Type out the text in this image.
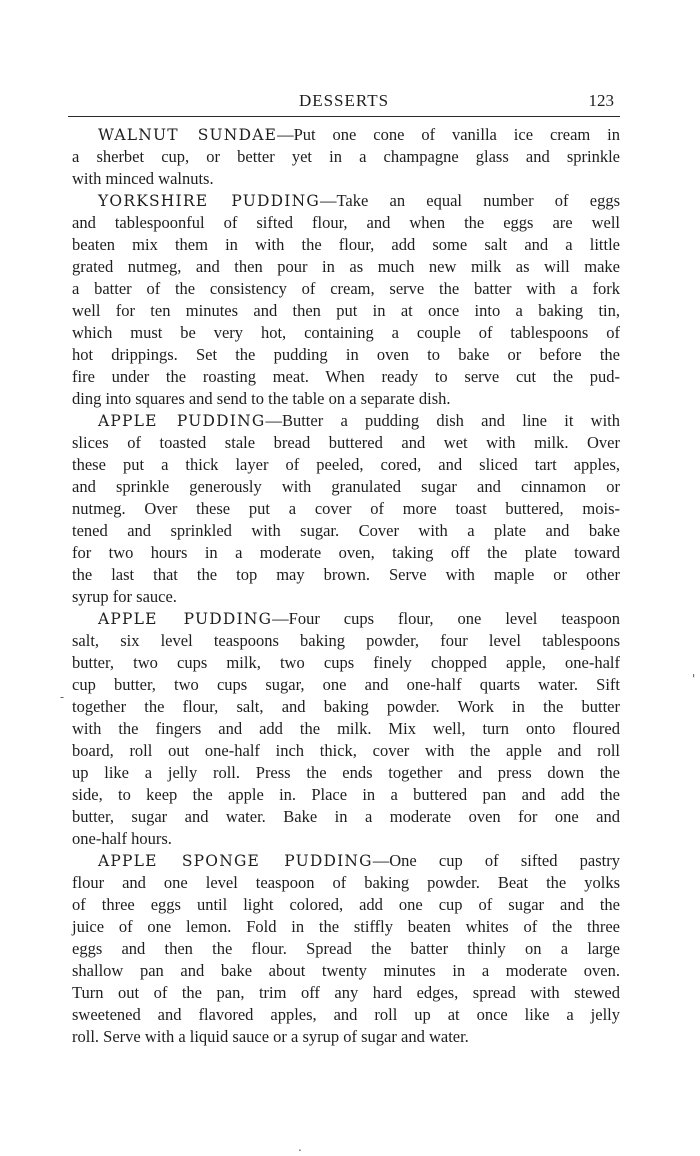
DESSERTS	123
WALNUT SUNDAE—Put one cone of vanilla ice cream in
a sherbet cup, or better yet in a champagne glass and sprinkle
with minced walnuts.
YORKSHIRE PUDDING—Take an equal number of eggs
and tablespoonful of sifted flour, and when the eggs are well
beaten mix them in with the flour, add some salt and a little
grated nutmeg, and then pour in as much new milk as will make
a batter of the consistency of cream, serve the batter with a fork
well for ten minutes and then put in at once into a baking tin,
which must be very hot, containing a couple of tablespoons of
hot drippings. Set the pudding in oven to bake or before the
fire under the roasting meat. When ready to serve cut the pud-
ding into squares and send to the table on a separate dish.
APPLE PUDDING—Butter a pudding dish and line it with
slices of toasted stale bread buttered and wet with milk. Over
these put a thick layer of peeled, cored, and sliced tart apples,
and sprinkle generously with granulated sugar and cinnamon or
nutmeg. Over these put a cover of more toast buttered, mois-
tened and sprinkled with sugar. Cover with a plate and bake
for two hours in a moderate oven, taking off the plate toward
the last that the top may brown. Serve with maple or other
syrup for sauce.
APPLE PUDDING—Four cups flour, one level teaspoon
salt, six level teaspoons baking powder, four level tablespoons
butter, two cups milk, two cups finely chopped apple, one-half
cup butter, two cups sugar, one and one-half quarts water. Sift
together the flour, salt, and baking powder. Work in the butter
with the fingers and add the milk. Mix well, turn onto floured
board, roll out one-half inch thick, cover with the apple and roll
up like a jelly roll. Press the ends together and press down the
side, to keep the apple in. Place in a buttered pan and add the
butter, sugar and water. Bake in a moderate oven for one and
one-half hours.
APPLE SPONGE PUDDING—One cup of sifted pastry
flour and one level teaspoon of baking powder. Beat the yolks
of three eggs until light colored, add one cup of sugar and the
juice of one lemon. Fold in the stiffly beaten whites of the three
eggs and then the flour. Spread the batter thinly on a large
shallow pan and bake about twenty minutes in a moderate oven.
Turn out of the pan, trim off any hard edges, spread with stewed
sweetened and flavored apples, and roll up at once like a jelly
roll. Serve with a liquid sauce or a syrup of sugar and water.
-
'
.
